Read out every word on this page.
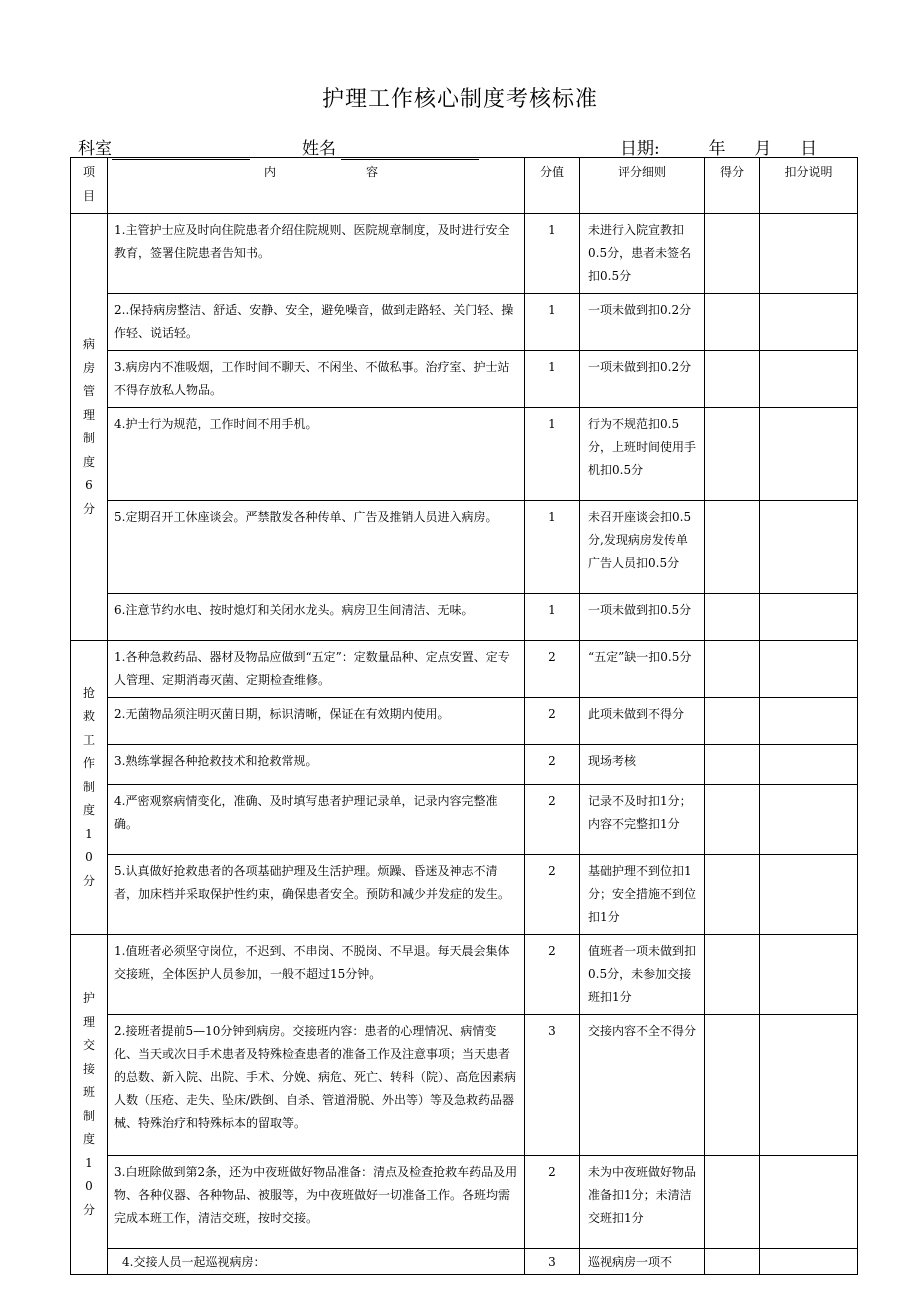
护理工作核心制度考核标准
科室	姓名	日期:	年 月 日
项目	内 容	分值	评分细则	得分	扣分说明
病房管理制度6分	1.主管护士应及时向住院患者介绍住院规则、医院规章制度，及时进行安全教育，签署住院患者告知书。	1	未进行入院宣教扣0.5分，患者未签名扣0.5分		
	2..保持病房整洁、舒适、安静、安全，避免噪音，做到走路轻、关门轻、操作轻、说话轻。	1	一项未做到扣0.2分		
	3.病房内不准吸烟，工作时间不聊天、不闲坐、不做私事。治疗室、护士站不得存放私人物品。	1	一项未做到扣0.2分		
	4.护士行为规范，工作时间不用手机。	1	行为不规范扣0.5分，上班时间使用手机扣0.5分		
	5.定期召开工休座谈会。严禁散发各种传单、广告及推销人员进入病房。	1	未召开座谈会扣0.5分,发现病房发传单广告人员扣0.5分		
	6.注意节约水电、按时熄灯和关闭水龙头。病房卫生间清洁、无味。	1	一项未做到扣0.5分		
抢救工作制度10分	1.各种急救药品、器材及物品应做到“五定”：定数量品种、定点安置、定专人管理、定期消毒灭菌、定期检查维修。	2	“五定”缺一扣0.5分		
	2.无菌物品须注明灭菌日期，标识清晰，保证在有效期内使用。	2	此项未做到不得分		
	3.熟练掌握各种抢救技术和抢救常规。	2	现场考核		
	4.严密观察病情变化，准确、及时填写患者护理记录单，记录内容完整准确。	2	记录不及时扣1分；内容不完整扣1分		
	5.认真做好抢救患者的各项基础护理及生活护理。烦躁、昏迷及神志不清者，加床档并采取保护性约束，确保患者安全。预防和减少并发症的发生。	2	基础护理不到位扣1分；安全措施不到位扣1分		
护理交接班制度10分	1.值班者必须坚守岗位，不迟到、不串岗、不脱岗、不早退。每天晨会集体交接班，全体医护人员参加，一般不超过15分钟。	2	值班者一项未做到扣0.5分，未参加交接班扣1分		
	2.接班者提前5—10分钟到病房。交接班内容：患者的心理情况、病情变化、当天或次日手术患者及特殊检查患者的准备工作及注意事项；当天患者的总数、新入院、出院、手术、分娩、病危、死亡、转科（院）、高危因素病人数（压疮、走失、坠床/跌倒、自杀、管道滑脱、外出等）等及急救药品器械、特殊治疗和特殊标本的留取等。	3	交接内容不全不得分		
	3.白班除做到第2条，还为中夜班做好物品准备：清点及检查抢救车药品及用物、各种仪器、各种物品、被服等，为中夜班做好一切准备工作。各班均需完成本班工作，清洁交班，按时交接。	2	未为中夜班做好物品准备扣1分；未清洁交班扣1分		
	4.交接人员一起巡视病房：	3	巡视病房一项不		
